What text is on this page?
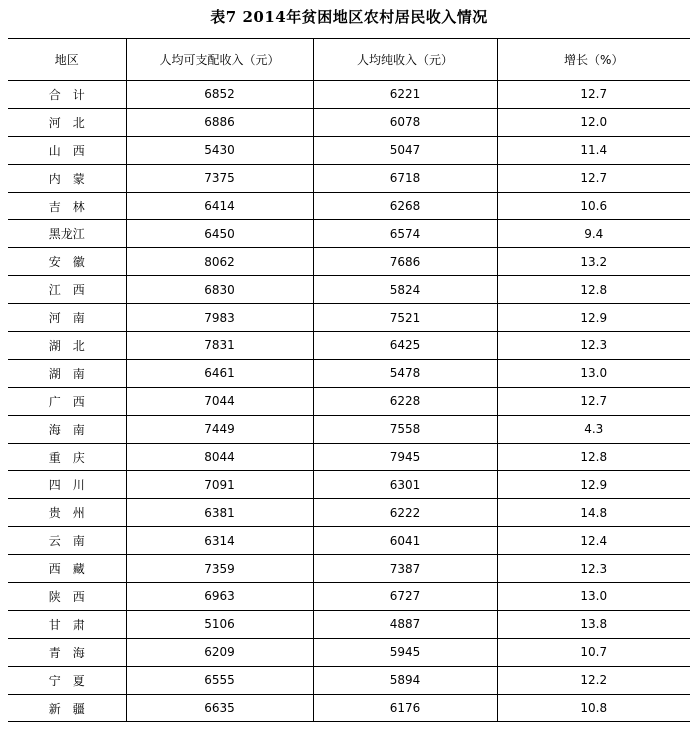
表7 2014年贫困地区农村居民收入情况
地区	人均可支配收入（元）	人均纯收入（元）	增长（%）
合　计	6852	6221	12.7
河　北	6886	6078	12.0
山　西	5430	5047	11.4
内　蒙	7375	6718	12.7
吉　林	6414	6268	10.6
黑龙江	6450	6574	9.4
安　徽	8062	7686	13.2
江　西	6830	5824	12.8
河　南	7983	7521	12.9
湖　北	7831	6425	12.3
湖　南	6461	5478	13.0
广　西	7044	6228	12.7
海　南	7449	7558	4.3
重　庆	8044	7945	12.8
四　川	7091	6301	12.9
贵　州	6381	6222	14.8
云　南	6314	6041	12.4
西　藏	7359	7387	12.3
陕　西	6963	6727	13.0
甘　肃	5106	4887	13.8
青　海	6209	5945	10.7
宁　夏	6555	5894	12.2
新　疆	6635	6176	10.8
